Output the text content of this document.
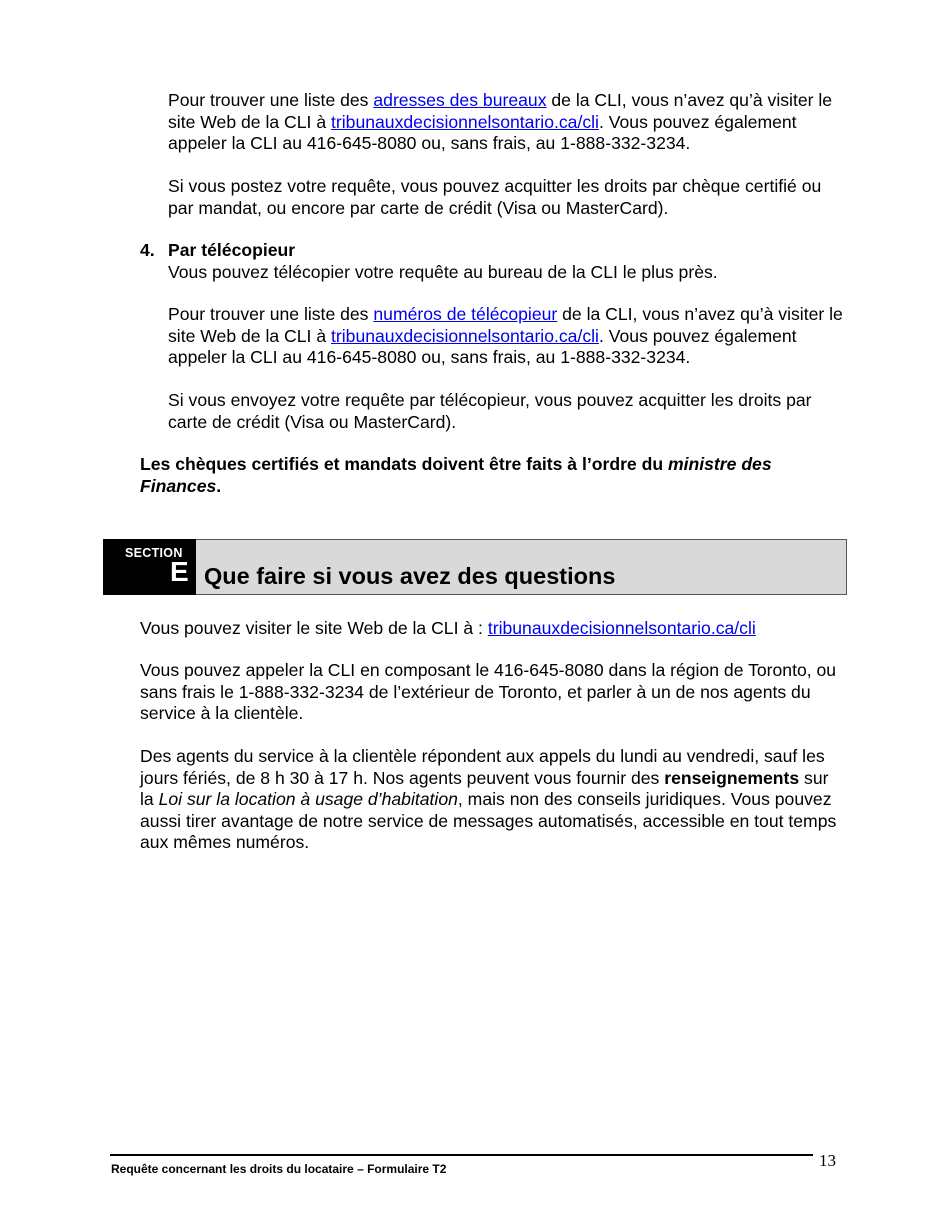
Pour trouver une liste des adresses des bureaux de la CLI, vous n’avez qu’à visiter le site Web de la CLI à tribunauxdecisionnelsontario.ca/cli. Vous pouvez également appeler la CLI au 416-645-8080 ou, sans frais, au 1-888-332-3234.

Si vous postez votre requête, vous pouvez acquitter les droits par chèque certifié ou par mandat, ou encore par carte de crédit (Visa ou MasterCard).

4. Par télécopieur

Vous pouvez télécopier votre requête au bureau de la CLI le plus près.

Pour trouver une liste des numéros de télécopieur de la CLI, vous n’avez qu’à visiter le site Web de la CLI à tribunauxdecisionnelsontario.ca/cli. Vous pouvez également appeler la CLI au 416-645-8080 ou, sans frais, au 1-888-332-3234.

Si vous envoyez votre requête par télécopieur, vous pouvez acquitter les droits par carte de crédit (Visa ou MasterCard).

Les chèques certifiés et mandats doivent être faits à l’ordre du ministre des Finances.

SECTION
E Que faire si vous avez des questions

Vous pouvez visiter le site Web de la CLI à : tribunauxdecisionnelsontario.ca/cli

Vous pouvez appeler la CLI en composant le 416-645-8080 dans la région de Toronto, ou sans frais le 1-888-332-3234 de l’extérieur de Toronto, et parler à un de nos agents du service à la clientèle.

Des agents du service à la clientèle répondent aux appels du lundi au vendredi, sauf les jours fériés, de 8 h 30 à 17 h. Nos agents peuvent vous fournir des renseignements sur la Loi sur la location à usage d’habitation, mais non des conseils juridiques. Vous pouvez aussi tirer avantage de notre service de messages automatisés, accessible en tout temps aux mêmes numéros.

Requête concernant les droits du locataire – Formulaire T2	13
